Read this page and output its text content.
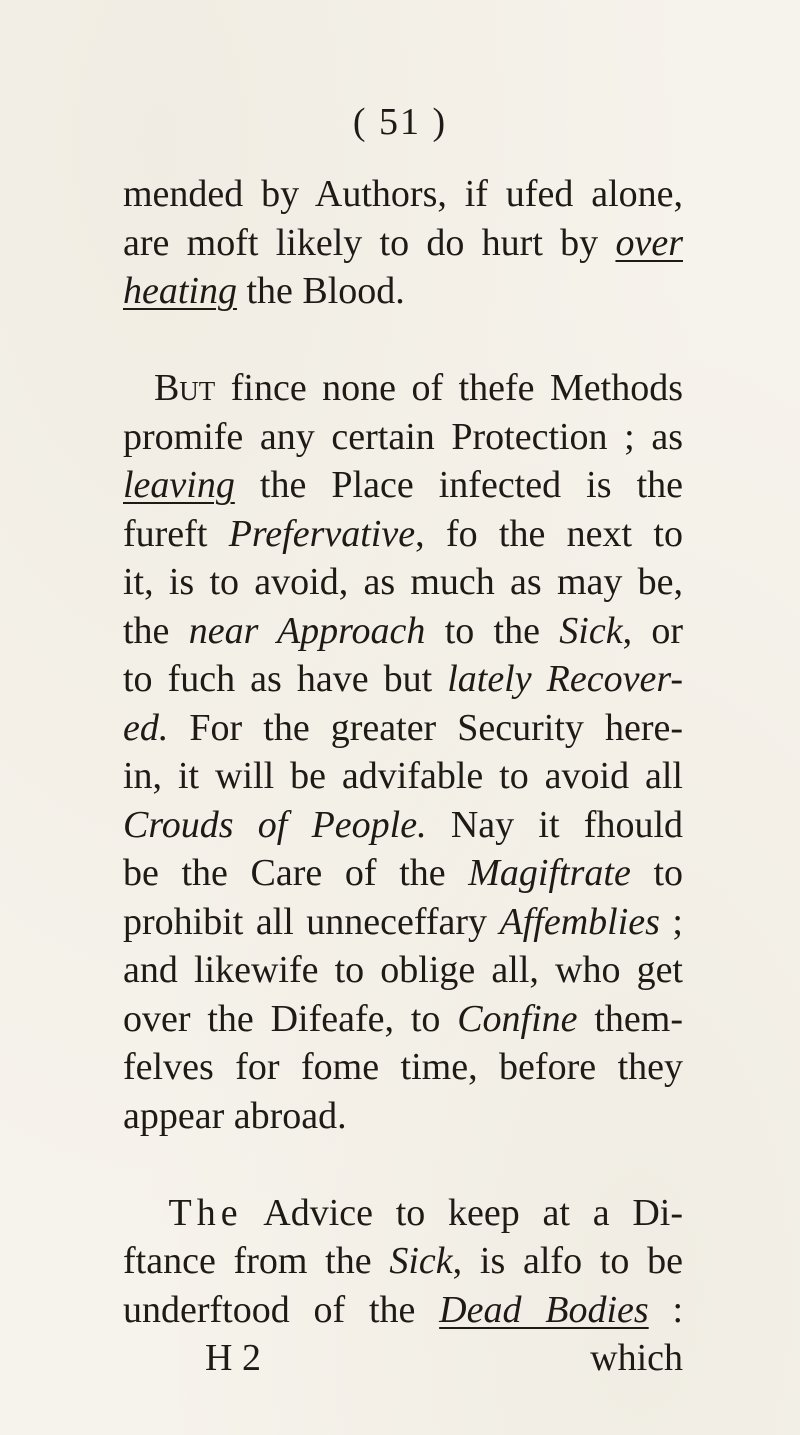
( 51 )
mended by Authors, if ufed alone,
are moft likely to do hurt by over
heating the Blood.
But fince none of thefe Methods
promife any certain Protection ; as
leaving the Place infected is the
fureft Prefervative, fo the next to
it, is to avoid, as much as may be,
the near Approach to the Sick, or
to fuch as have but lately Recover-
ed. For the greater Security here-
in, it will be advifable to avoid all
Crouds of People. Nay it fhould
be the Care of the Magiftrate to
prohibit all unneceffary Affemblies ;
and likewife to oblige all, who get
over the Difeafe, to Confine them-
felves for fome time, before they
appear abroad.
The Advice to keep at a Di-
ftance from the Sick, is alfo to be
underftood of the Dead Bodies :
H 2	which
